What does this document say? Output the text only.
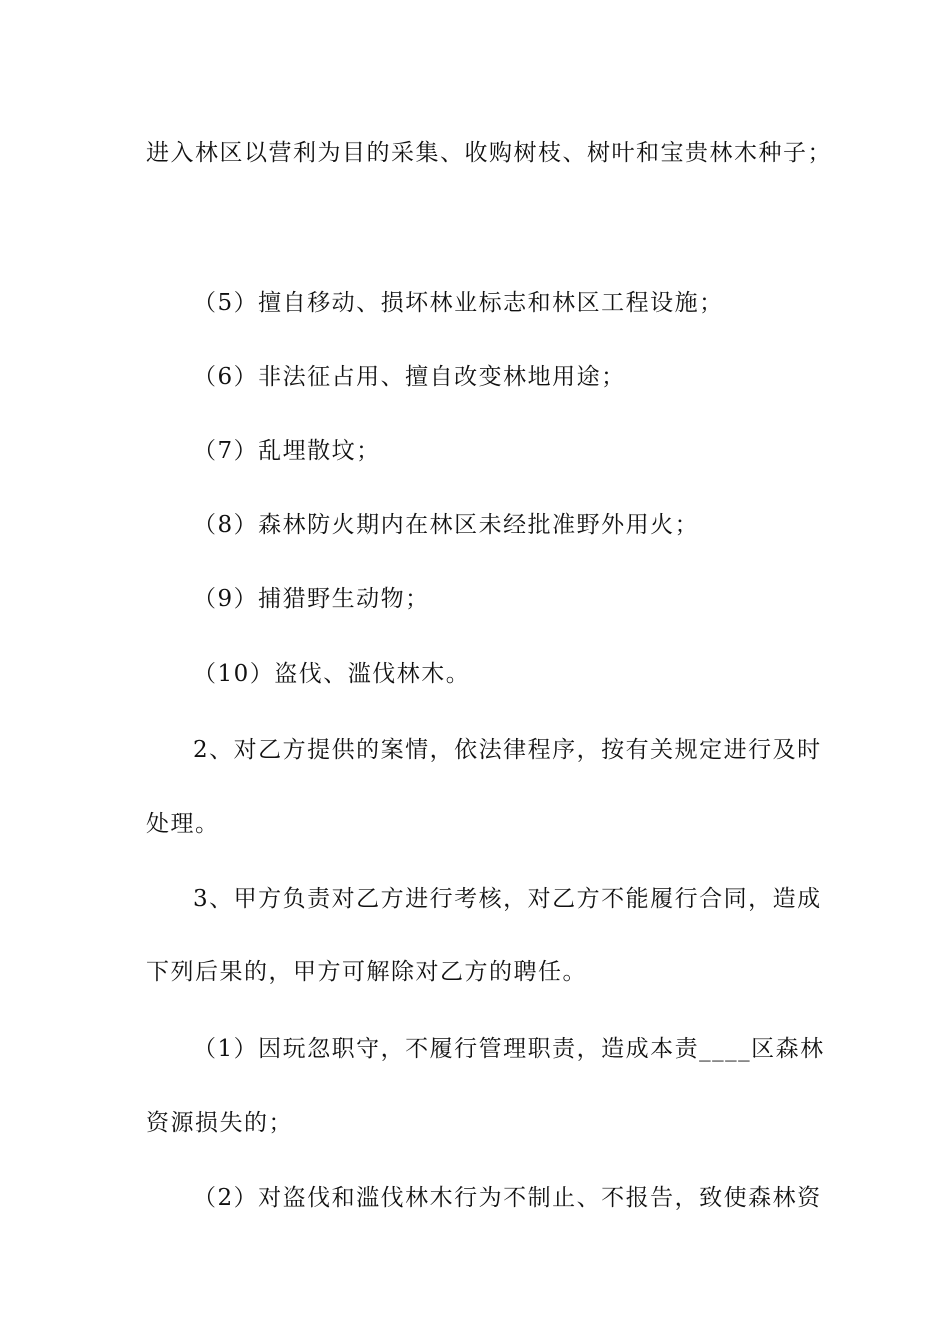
进入林区以营利为目的采集、收购树枝、树叶和宝贵林木种子；
（5）擅自移动、损坏林业标志和林区工程设施；
（6）非法征占用、擅自改变林地用途；
（7）乱埋散坟；
（8）森林防火期内在林区未经批准野外用火；
（9）捕猎野生动物；
（10）盗伐、滥伐林木。
2、对乙方提供的案情，依法律程序，按有关规定进行及时
处理。
3、甲方负责对乙方进行考核，对乙方不能履行合同，造成
下列后果的，甲方可解除对乙方的聘任。
（1）因玩忽职守，不履行管理职责，造成本责____区森林
资源损失的；
（2）对盗伐和滥伐林木行为不制止、不报告，致使森林资
